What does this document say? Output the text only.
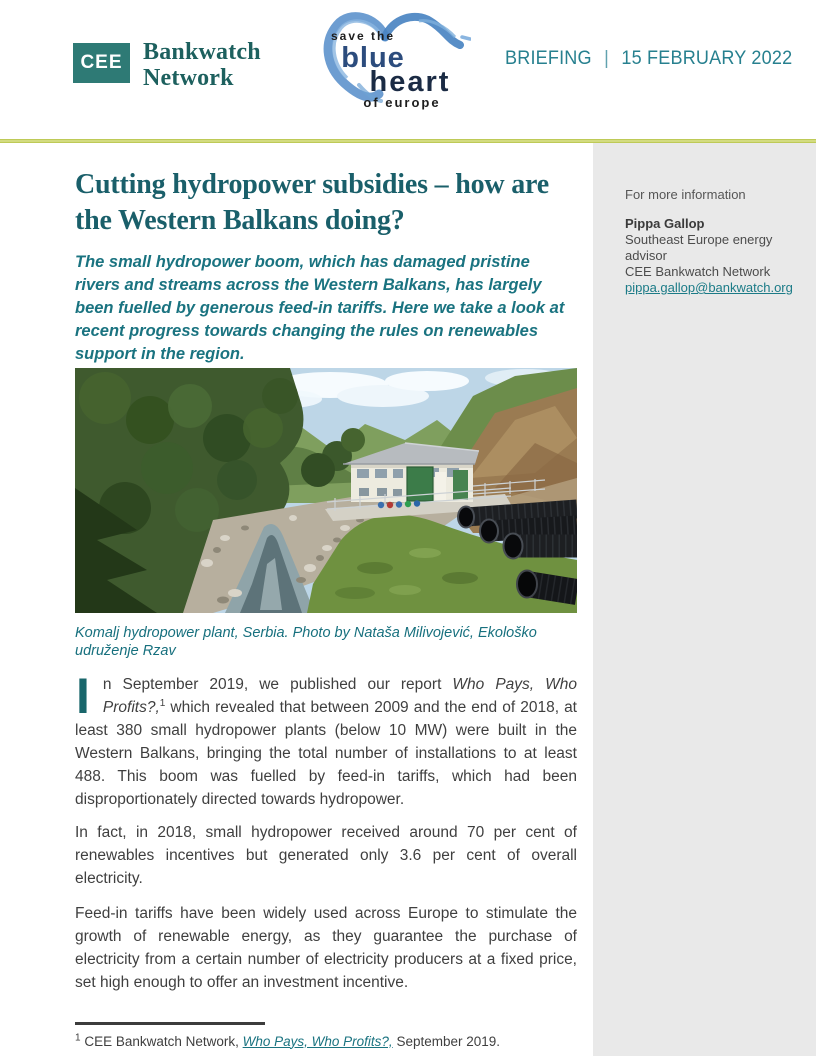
CEE Bankwatch
Network
save the
blue
heart
of europe
BRIEFING | 15 FEBRUARY 2022
Cutting hydropower subsidies – how are the Western Balkans doing?

The small hydropower boom, which has damaged pristine rivers and streams across the Western Balkans, has largely been fuelled by generous feed-in tariffs. Here we take a look at recent progress towards changing the rules on renewables support in the region.

Komalj hydropower plant, Serbia. Photo by Nataša Milivojević, Ekološko udruženje Rzav

In September 2019, we published our report Who Pays, Who Profits?,$^1$ which revealed that between 2009 and the end of 2018, at least 380 small hydropower plants (below 10 MW) were built in the Western Balkans, bringing the total number of installations to at least 488. This boom was fuelled by feed-in tariffs, which had been disproportionately directed towards hydropower.

In fact, in 2018, small hydropower received around 70 per cent of renewables incentives but generated only 3.6 per cent of overall electricity.

Feed-in tariffs have been widely used across Europe to stimulate the growth of renewable energy, as they guarantee the purchase of electricity from a certain number of electricity producers at a fixed price, set high enough to offer an investment incentive.

$^1$ CEE Bankwatch Network, Who Pays, Who Profits?, September 2019.

For more information

Pippa Gallop

Southeast Europe energy advisor

CEE Bankwatch Network

pippa.gallop@bankwatch.org
